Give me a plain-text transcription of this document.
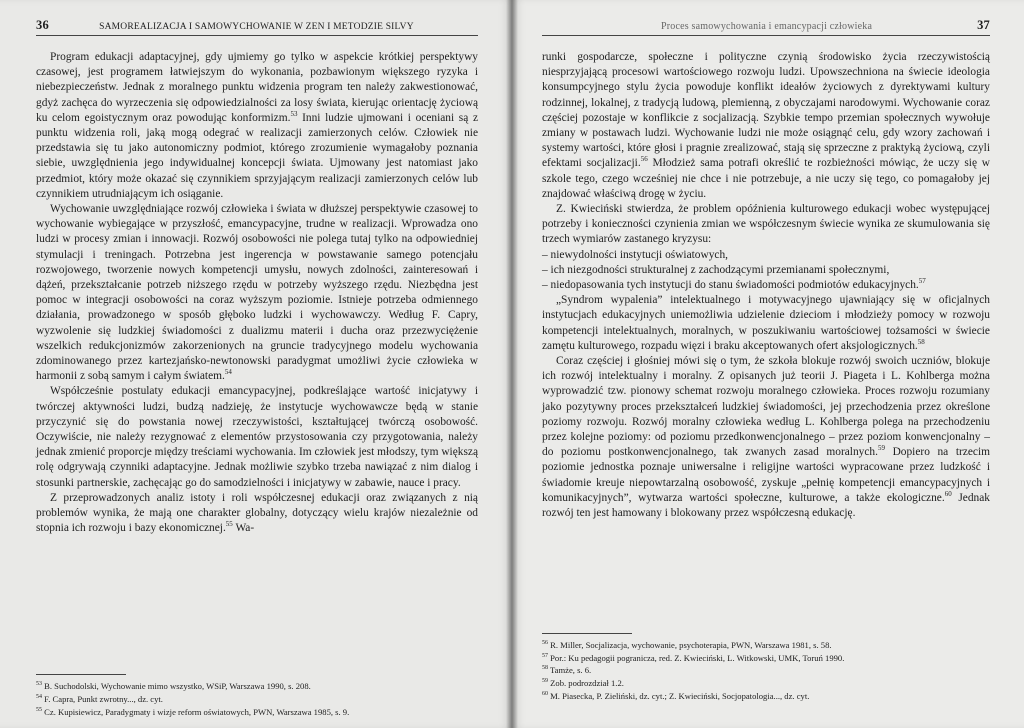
36	SAMOREALIZACJA I SAMOWYCHOWANIE W ZEN I METODZIE SILVY

Program edukacji adaptacyjnej, gdy ujmiemy go tylko w aspekcie krótkiej perspektywy czasowej, jest programem łatwiejszym do wykonania, pozbawionym większego ryzyka i niebezpieczeństw. Jednak z moralnego punktu widzenia program ten należy zakwestionować, gdyż zachęca do wyrzeczenia się odpowiedzialności za losy świata, kierując orientację życiową ku celom egoistycznym oraz powodując konformizm.$^{53}$ Inni ludzie ujmowani i oceniani są z punktu widzenia roli, jaką mogą odegrać w realizacji zamierzonych celów. Człowiek nie przedstawia się tu jako autonomiczny podmiot, którego zrozumienie wymagałoby poznania siebie, uwzględnienia jego indywidualnej koncepcji świata. Ujmowany jest natomiast jako przedmiot, który może okazać się czynnikiem sprzyjającym realizacji zamierzonych celów lub czynnikiem utrudniającym ich osiąganie.

Wychowanie uwzględniające rozwój człowieka i świata w dłuższej perspektywie czasowej to wychowanie wybiegające w przyszłość, emancypacyjne, trudne w realizacji. Wprowadza ono ludzi w procesy zmian i innowacji. Rozwój osobowości nie polega tutaj tylko na odpowiedniej stymulacji i treningach. Potrzebna jest ingerencja w powstawanie samego potencjału rozwojowego, tworzenie nowych kompetencji umysłu, nowych zdolności, zainteresowań i dążeń, przekształcanie potrzeb niższego rzędu w potrzeby wyższego rzędu. Niezbędna jest pomoc w integracji osobowości na coraz wyższym poziomie. Istnieje potrzeba odmiennego działania, prowadzonego w sposób głęboko ludzki i wychowawczy. Według F. Capry, wyzwolenie się ludzkiej świadomości z dualizmu materii i ducha oraz przezwyciężenie wszelkich redukcjonizmów zakorzenionych na gruncie tradycyjnego modelu wychowania zdominowanego przez kartezjańsko-newtonowski paradygmat umożliwi życie człowieka w harmonii z sobą samym i całym światem.$^{54}$

Współcześnie postulaty edukacji emancypacyjnej, podkreślające wartość inicjatywy i twórczej aktywności ludzi, budzą nadzieję, że instytucje wychowawcze będą w stanie przyczynić się do powstania nowej rzeczywistości, kształtującej twórczą osobowość. Oczywiście, nie należy rezygnować z elementów przystosowania czy przygotowania, należy jednak zmienić proporcje między treściami wychowania. Im człowiek jest młodszy, tym większą rolę odgrywają czynniki adaptacyjne. Jednak możliwie szybko trzeba nawiązać z nim dialog i stosunki partnerskie, zachęcając go do samodzielności i inicjatywy w zabawie, nauce i pracy.

Z przeprowadzonych analiz istoty i roli współczesnej edukacji oraz związanych z nią problemów wynika, że mają one charakter globalny, dotyczący wielu krajów niezależnie od stopnia ich rozwoju i bazy ekonomicznej.$^{55}$ Wa-

$^{53}$ B. Suchodolski, Wychowanie mimo wszystko, WSiP, Warszawa 1990, s. 208.
$^{54}$ F. Capra, Punkt zwrotny..., dz. cyt.
$^{55}$ Cz. Kupisiewicz, Paradygmaty i wizje reform oświatowych, PWN, Warszawa 1985, s. 9.
Proces samowychowania i emancypacji człowieka	37

runki gospodarcze, społeczne i polityczne czynią środowisko życia rzeczywistością niesprzyjającą procesowi wartościowego rozwoju ludzi. Upowszechniona na świecie ideologia konsumpcyjnego stylu życia powoduje konflikt ideałów życiowych z dyrektywami kultury rodzinnej, lokalnej, z tradycją ludową, plemienną, z obyczajami narodowymi. Wychowanie coraz częściej pozostaje w konflikcie z socjalizacją. Szybkie tempo przemian społecznych wywołuje zmiany w postawach ludzi. Wychowanie ludzi nie może osiągnąć celu, gdy wzory zachowań i systemy wartości, które głosi i pragnie zrealizować, stają się sprzeczne z praktyką życiową, czyli efektami socjalizacji.$^{56}$ Młodzież sama potrafi określić te rozbieżności mówiąc, że uczy się w szkole tego, czego wcześniej nie chce i nie potrzebuje, a nie uczy się tego, co pomagałoby jej znajdować właściwą drogę w życiu.

Z. Kwieciński stwierdza, że problem opóźnienia kulturowego edukacji wobec występującej potrzeby i konieczności czynienia zmian we współczesnym świecie wynika ze skumulowania się trzech wymiarów zastanego kryzysu:

– niewydolności instytucji oświatowych,
– ich niezgodności strukturalnej z zachodzącymi przemianami społecznymi,
– niedopasowania tych instytucji do stanu świadomości podmiotów edukacyjnych.$^{57}$

„Syndrom wypalenia” intelektualnego i motywacyjnego ujawniający się w oficjalnych instytucjach edukacyjnych uniemożliwia udzielenie dzieciom i młodzieży pomocy w rozwoju kompetencji intelektualnych, moralnych, w poszukiwaniu wartościowej tożsamości w świecie zamętu kulturowego, rozpadu więzi i braku akceptowanych ofert aksjologicznych.$^{58}$

Coraz częściej i głośniej mówi się o tym, że szkoła blokuje rozwój swoich uczniów, blokuje ich rozwój intelektualny i moralny. Z opisanych już teorii J. Piageta i L. Kohlberga można wyprowadzić tzw. pionowy schemat rozwoju moralnego człowieka. Proces rozwoju rozumiany jako pozytywny proces przekształceń ludzkiej świadomości, jej przechodzenia przez określone poziomy rozwoju. Rozwój moralny człowieka według L. Kohlberga polega na przechodzeniu przez kolejne poziomy: od poziomu przedkonwencjonalnego – przez poziom konwencjonalny – do poziomu postkonwencjonalnego, tak zwanych zasad moralnych.$^{59}$ Dopiero na trzecim poziomie jednostka poznaje uniwersalne i religijne wartości wypracowane przez ludzkość i świadomie kreuje niepowtarzalną osobowość, zyskuje „pełnię kompetencji emancypacyjnych i komunikacyjnych”, wytwarza wartości społeczne, kulturowe, a także ekologiczne.$^{60}$ Jednak rozwój ten jest hamowany i blokowany przez współczesną edukację.

$^{56}$ R. Miller, Socjalizacja, wychowanie, psychoterapia, PWN, Warszawa 1981, s. 58.
$^{57}$ Por.: Ku pedagogii pogranicza, red. Z. Kwieciński, L. Witkowski, UMK, Toruń 1990.
$^{58}$ Tamże, s. 6.
$^{59}$ Zob. podrozdział 1.2.
$^{60}$ M. Piasecka, P. Zieliński, dz. cyt.; Z. Kwieciński, Socjopatologia..., dz. cyt.
